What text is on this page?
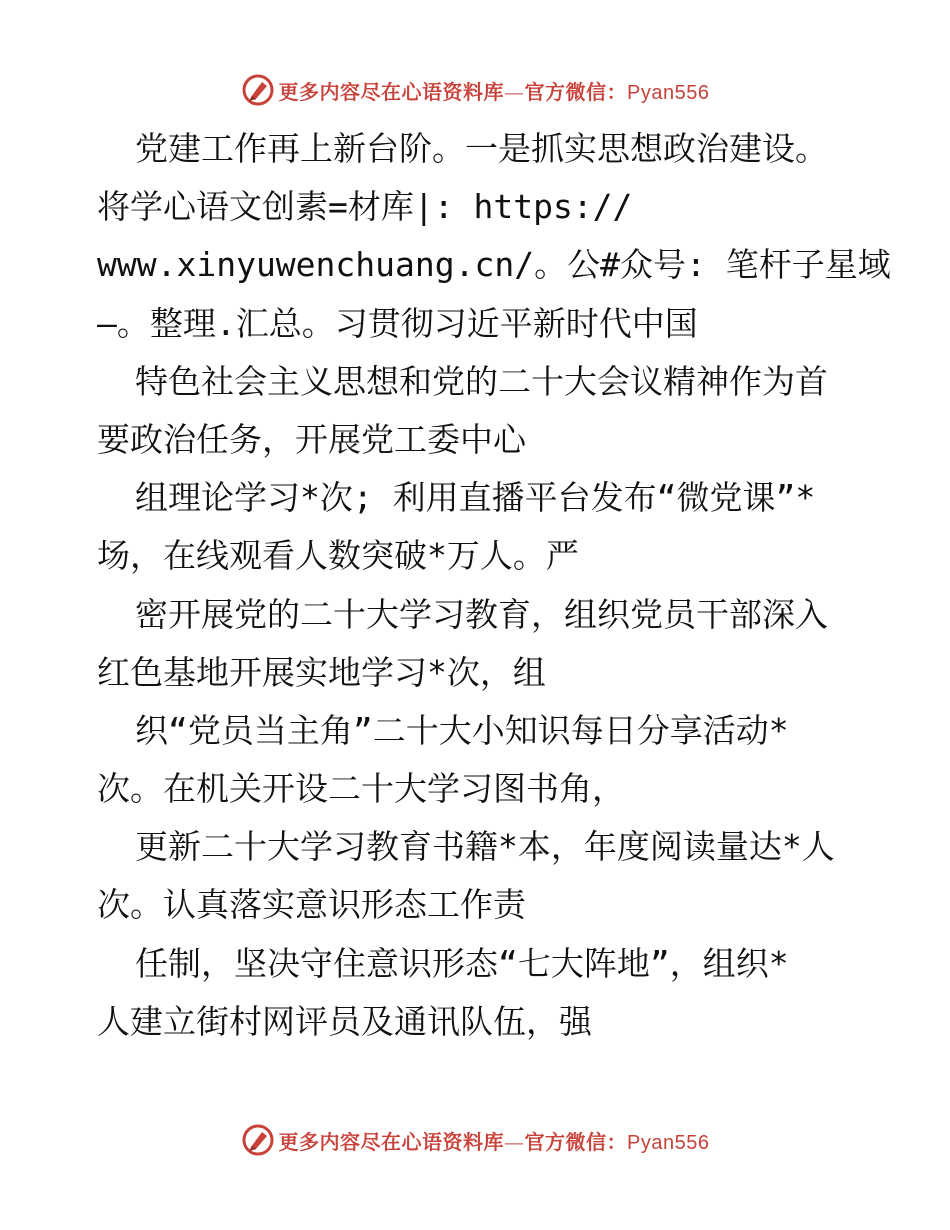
更多内容尽在心语资料库—官方微信：Pyan556
党建工作再上新台阶。一是抓实思想政治建设。
将学心语文创素=材库|: https://
www.xinyuwenchuang.cn/。公#众号: 笔杆子星域
—。整理.汇总。习贯彻习近平新时代中国
特色社会主义思想和党的二十大会议精神作为首
要政治任务，开展党工委中心
组理论学习*次; 利用直播平台发布“微党课”*
场，在线观看人数突破*万人。严
密开展党的二十大学习教育，组织党员干部深入
红色基地开展实地学习*次，组
织“党员当主角”二十大小知识每日分享活动*
次。在机关开设二十大学习图书角，
更新二十大学习教育书籍*本，年度阅读量达*人
次。认真落实意识形态工作责
任制，坚决守住意识形态“七大阵地”，组织*
人建立街村网评员及通讯队伍，强
更多内容尽在心语资料库—官方微信：Pyan556
